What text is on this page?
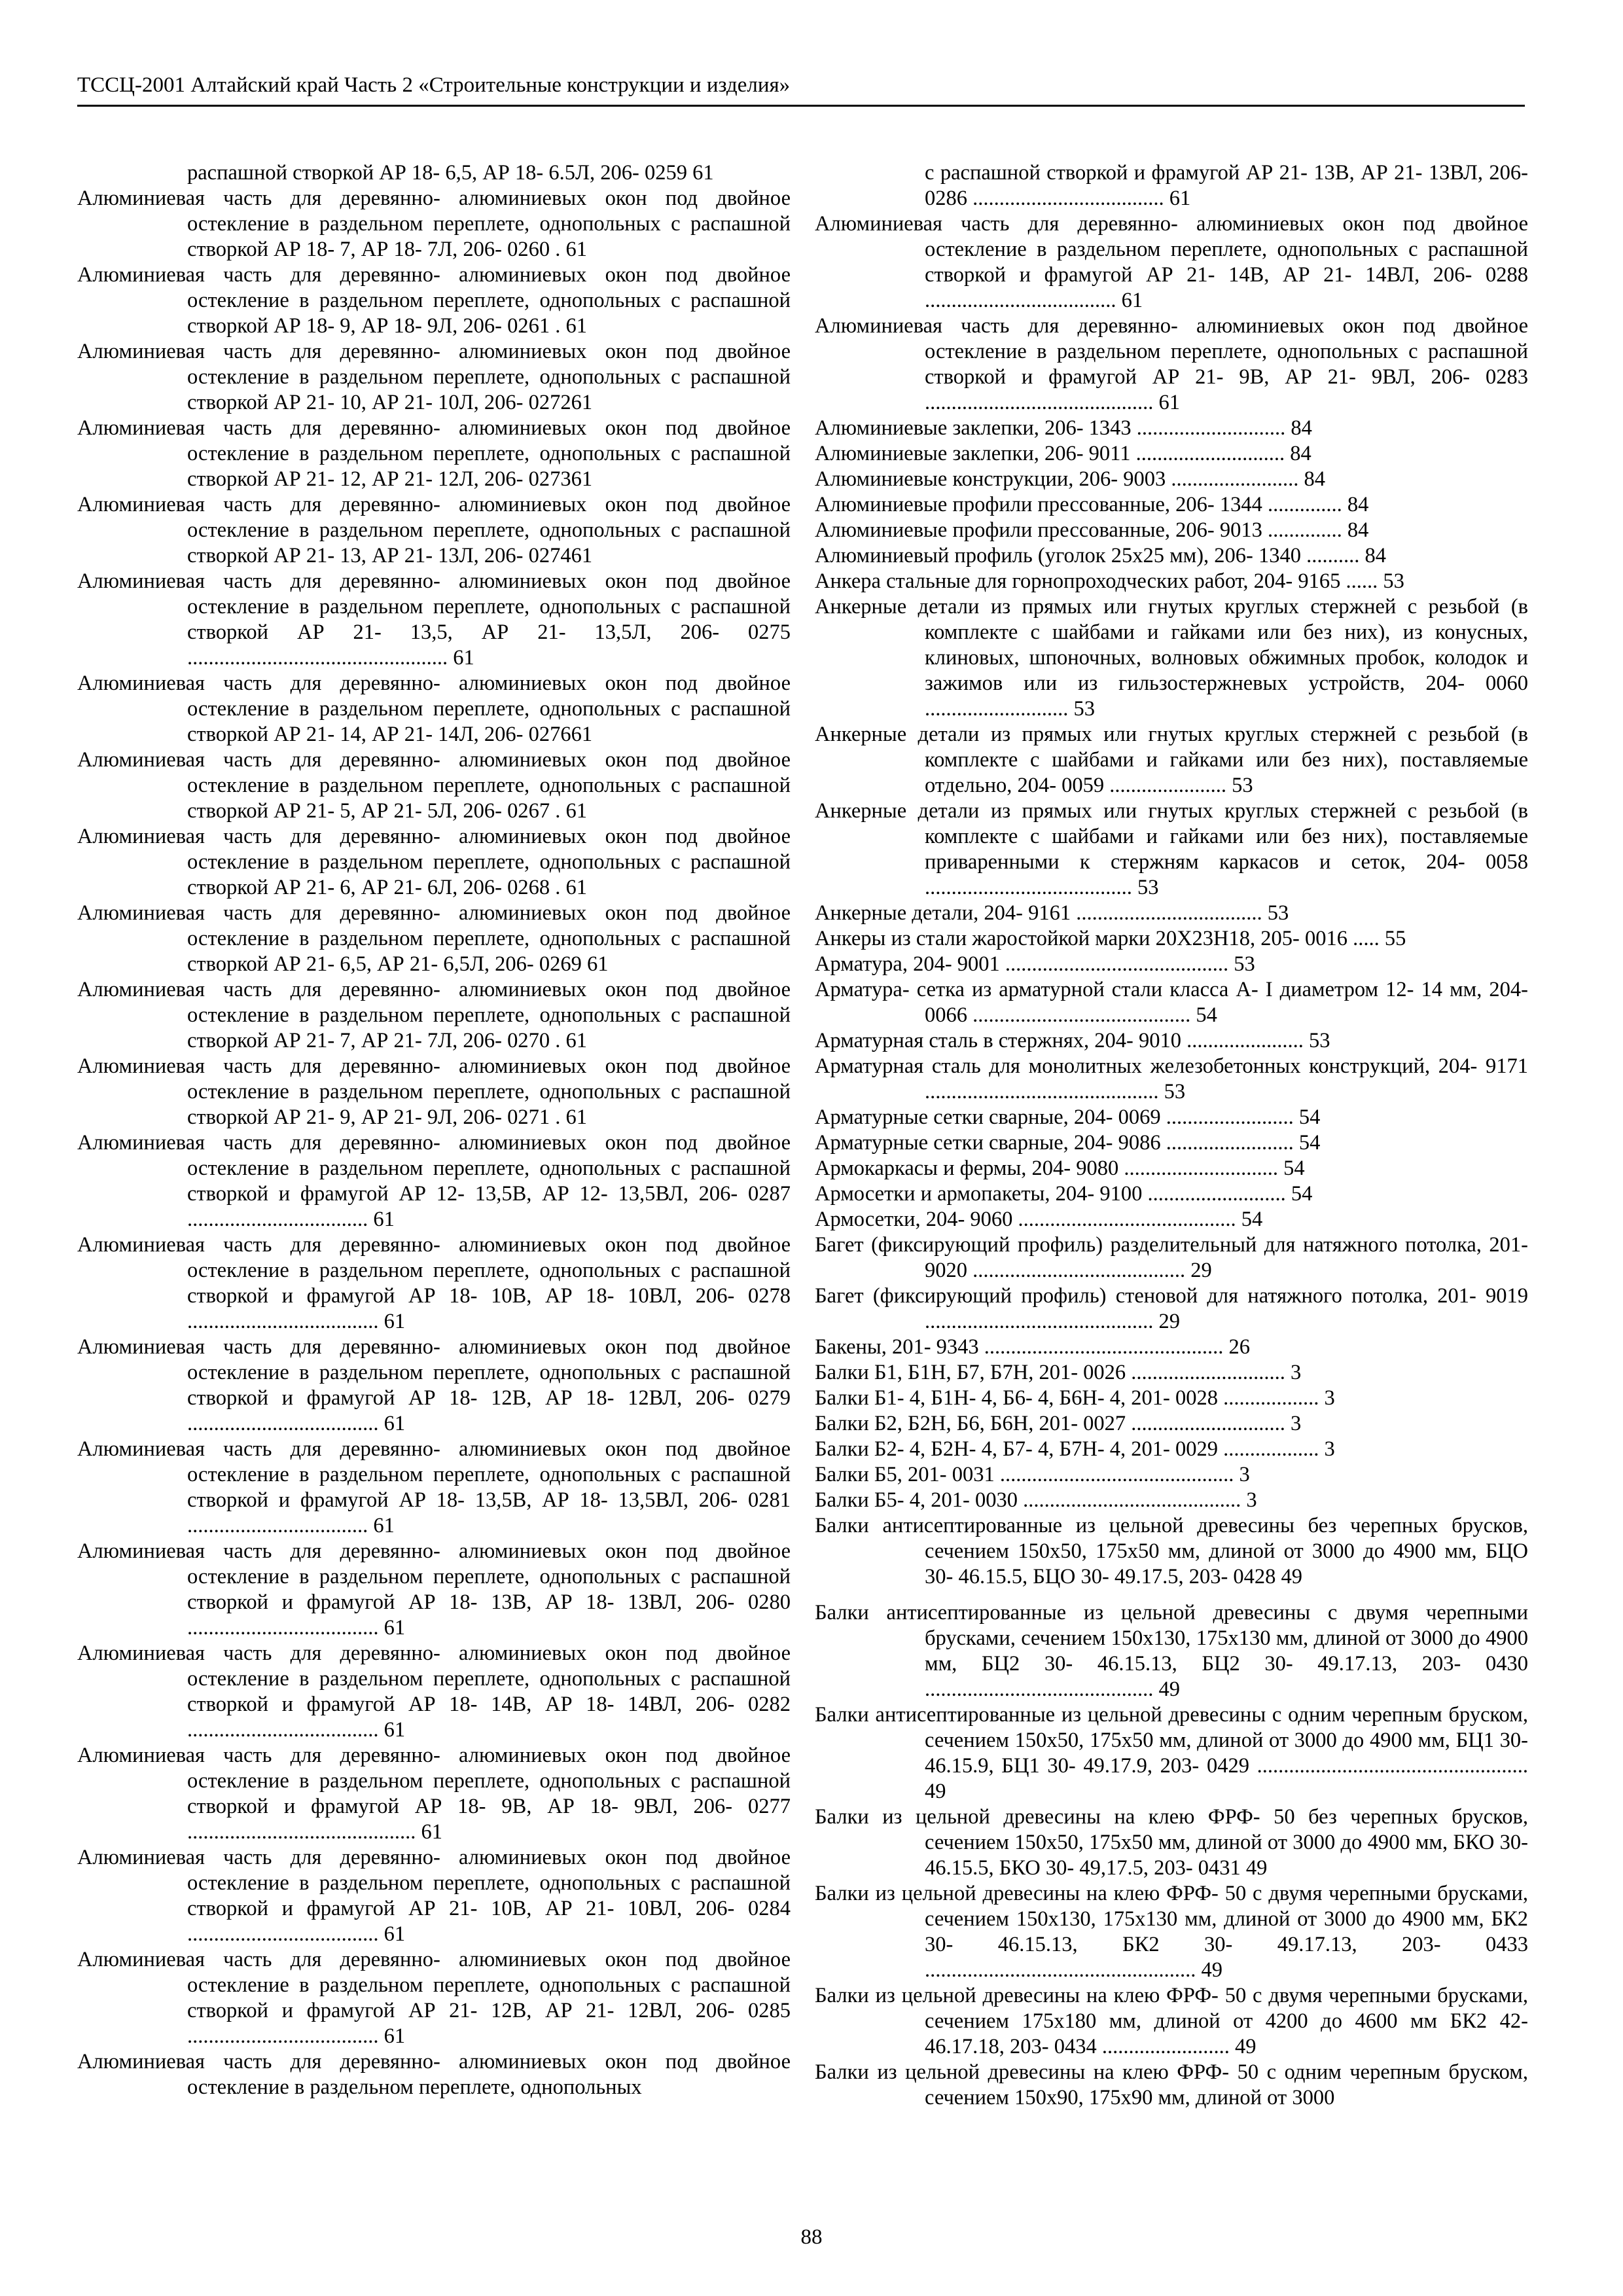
ТССЦ-2001 Алтайский край Часть 2 «Строительные конструкции и изделия»
распашной створкой АР 18- 6,5, АР 18- 6.5Л, 206- 0259 61
Алюминиевая часть для деревянно- алюминиевых окон под двойное остекление в раздельном переплете, однопольных с распашной створкой АР 18- 7, АР 18- 7Л, 206- 0260 . 61
Алюминиевая часть для деревянно- алюминиевых окон под двойное остекление в раздельном переплете, однопольных с распашной створкой АР 18- 9, АР 18- 9Л, 206- 0261 . 61
Алюминиевая часть для деревянно- алюминиевых окон под двойное остекление в раздельном переплете, однопольных с распашной створкой АР 21- 10, АР 21- 10Л, 206- 027261
Алюминиевая часть для деревянно- алюминиевых окон под двойное остекление в раздельном переплете, однопольных с распашной створкой АР 21- 12, АР 21- 12Л, 206- 027361
Алюминиевая часть для деревянно- алюминиевых окон под двойное остекление в раздельном переплете, однопольных с распашной створкой АР 21- 13, АР 21- 13Л, 206- 027461
Алюминиевая часть для деревянно- алюминиевых окон под двойное остекление в раздельном переплете, однопольных с распашной створкой АР 21- 13,5, АР 21- 13,5Л, 206- 0275 ................................................. 61
Алюминиевая часть для деревянно- алюминиевых окон под двойное остекление в раздельном переплете, однопольных с распашной створкой АР 21- 14, АР 21- 14Л, 206- 027661
Алюминиевая часть для деревянно- алюминиевых окон под двойное остекление в раздельном переплете, однопольных с распашной створкой АР 21- 5, АР 21- 5Л, 206- 0267 . 61
Алюминиевая часть для деревянно- алюминиевых окон под двойное остекление в раздельном переплете, однопольных с распашной створкой АР 21- 6, АР 21- 6Л, 206- 0268 . 61
Алюминиевая часть для деревянно- алюминиевых окон под двойное остекление в раздельном переплете, однопольных с распашной створкой АР 21- 6,5, АР 21- 6,5Л, 206- 0269 61
Алюминиевая часть для деревянно- алюминиевых окон под двойное остекление в раздельном переплете, однопольных с распашной створкой АР 21- 7, АР 21- 7Л, 206- 0270 . 61
Алюминиевая часть для деревянно- алюминиевых окон под двойное остекление в раздельном переплете, однопольных с распашной створкой АР 21- 9, АР 21- 9Л, 206- 0271 . 61
Алюминиевая часть для деревянно- алюминиевых окон под двойное остекление в раздельном переплете, однопольных с распашной створкой и фрамугой АР 12- 13,5В, АР 12- 13,5ВЛ, 206- 0287 .................................. 61
Алюминиевая часть для деревянно- алюминиевых окон под двойное остекление в раздельном переплете, однопольных с распашной створкой и фрамугой АР 18- 10В, АР 18- 10ВЛ, 206- 0278 .................................... 61
Алюминиевая часть для деревянно- алюминиевых окон под двойное остекление в раздельном переплете, однопольных с распашной створкой и фрамугой АР 18- 12В, АР 18- 12ВЛ, 206- 0279 .................................... 61
Алюминиевая часть для деревянно- алюминиевых окон под двойное остекление в раздельном переплете, однопольных с распашной створкой и фрамугой АР 18- 13,5В, АР 18- 13,5ВЛ, 206- 0281 .................................. 61
Алюминиевая часть для деревянно- алюминиевых окон под двойное остекление в раздельном переплете, однопольных с распашной створкой и фрамугой АР 18- 13В, АР 18- 13ВЛ, 206- 0280 .................................... 61
Алюминиевая часть для деревянно- алюминиевых окон под двойное остекление в раздельном переплете, однопольных с распашной створкой и фрамугой АР 18- 14В, АР 18- 14ВЛ, 206- 0282 .................................... 61
Алюминиевая часть для деревянно- алюминиевых окон под двойное остекление в раздельном переплете, однопольных с распашной створкой и фрамугой АР 18- 9В, АР 18- 9ВЛ, 206- 0277 ........................................... 61
Алюминиевая часть для деревянно- алюминиевых окон под двойное остекление в раздельном переплете, однопольных с распашной створкой и фрамугой АР 21- 10В, АР 21- 10ВЛ, 206- 0284 .................................... 61
Алюминиевая часть для деревянно- алюминиевых окон под двойное остекление в раздельном переплете, однопольных с распашной створкой и фрамугой АР 21- 12В, АР 21- 12ВЛ, 206- 0285 .................................... 61
Алюминиевая часть для деревянно- алюминиевых окон под двойное остекление в раздельном переплете, однопольных
с распашной створкой и фрамугой АР 21- 13В, АР 21- 13ВЛ, 206- 0286 .................................... 61
Алюминиевая часть для деревянно- алюминиевых окон под двойное остекление в раздельном переплете, однопольных с распашной створкой и фрамугой АР 21- 14В, АР 21- 14ВЛ, 206- 0288 .................................... 61
Алюминиевая часть для деревянно- алюминиевых окон под двойное остекление в раздельном переплете, однопольных с распашной створкой и фрамугой АР 21- 9В, АР 21- 9ВЛ, 206- 0283 ........................................... 61
Алюминиевые заклепки, 206- 1343 ............................ 84
Алюминиевые заклепки, 206- 9011 ............................ 84
Алюминиевые конструкции, 206- 9003 ........................ 84
Алюминиевые профили прессованные, 206- 1344 .............. 84
Алюминиевые профили прессованные, 206- 9013 .............. 84
Алюминиевый профиль (уголок 25х25 мм), 206- 1340 .......... 84
Анкера стальные для горнопроходческих работ, 204- 9165 ...... 53
Анкерные детали из прямых или гнутых круглых стержней с резьбой (в комплекте с шайбами и гайками или без них), из конусных, клиновых, шпоночных, волновых обжимных пробок, колодок и зажимов или из гильзостержневых устройств, 204- 0060 ........................... 53
Анкерные детали из прямых или гнутых круглых стержней с резьбой (в комплекте с шайбами и гайками или без них), поставляемые отдельно, 204- 0059 ...................... 53
Анкерные детали из прямых или гнутых круглых стержней с резьбой (в комплекте с шайбами и гайками или без них), поставляемые приваренными к стержням каркасов и сеток, 204- 0058 ....................................... 53
Анкерные детали, 204- 9161 ................................... 53
Анкеры из стали жаростойкой марки 20Х23Н18, 205- 0016 ..... 55
Арматура, 204- 9001 .......................................... 53
Арматура- сетка из арматурной стали класса А- I диаметром 12- 14 мм, 204- 0066 ......................................... 54
Арматурная сталь в стержнях, 204- 9010 ...................... 53
Арматурная сталь для монолитных железобетонных конструкций, 204- 9171 ............................................ 53
Арматурные сетки сварные, 204- 0069 ........................ 54
Арматурные сетки сварные, 204- 9086 ........................ 54
Армокаркасы и фермы, 204- 9080 ............................. 54
Армосетки и армопакеты, 204- 9100 .......................... 54
Армосетки, 204- 9060 ......................................... 54
Багет (фиксирующий профиль) разделительный для натяжного потолка, 201- 9020 ........................................ 29
Багет (фиксирующий профиль) стеновой для натяжного потолка, 201- 9019 ........................................... 29
Бакены, 201- 9343 ............................................. 26
Балки Б1, Б1Н, Б7, Б7Н, 201- 0026 ............................. 3
Балки Б1- 4, Б1Н- 4, Б6- 4, Б6Н- 4, 201- 0028 .................. 3
Балки Б2, Б2Н, Б6, Б6Н, 201- 0027 ............................. 3
Балки Б2- 4, Б2Н- 4, Б7- 4, Б7Н- 4, 201- 0029 .................. 3
Балки Б5, 201- 0031 ............................................ 3
Балки Б5- 4, 201- 0030 ......................................... 3
Балки антисептированные из цельной древесины без черепных брусков, сечением 150х50, 175х50 мм, длиной от 3000 до 4900 мм, БЦО 30- 46.15.5, БЦО 30- 49.17.5, 203- 0428 49
Балки антисептированные из цельной древесины с двумя черепными брусками, сечением 150х130, 175х130 мм, длиной от 3000 до 4900 мм, БЦ2 30- 46.15.13, БЦ2 30- 49.17.13, 203- 0430 ........................................... 49
Балки антисептированные из цельной древесины с одним черепным бруском, сечением 150х50, 175х50 мм, длиной от 3000 до 4900 мм, БЦ1 30- 46.15.9, БЦ1 30- 49.17.9, 203- 0429 ................................................... 49
Балки из цельной древесины на клею ФРФ- 50 без черепных брусков, сечением 150х50, 175х50 мм, длиной от 3000 до 4900 мм, БКО 30- 46.15.5, БКО 30- 49,17.5, 203- 0431 49
Балки из цельной древесины на клею ФРФ- 50 с двумя черепными брусками, сечением 150х130, 175х130 мм, длиной от 3000 до 4900 мм, БК2 30- 46.15.13, БК2 30- 49.17.13, 203- 0433 ................................................... 49
Балки из цельной древесины на клею ФРФ- 50 с двумя черепными брусками, сечением 175х180 мм, длиной от 4200 до 4600 мм БК2 42- 46.17.18, 203- 0434 ........................ 49
Балки из цельной древесины на клею ФРФ- 50 с одним черепным бруском, сечением 150х90, 175х90 мм, длиной от 3000
88
